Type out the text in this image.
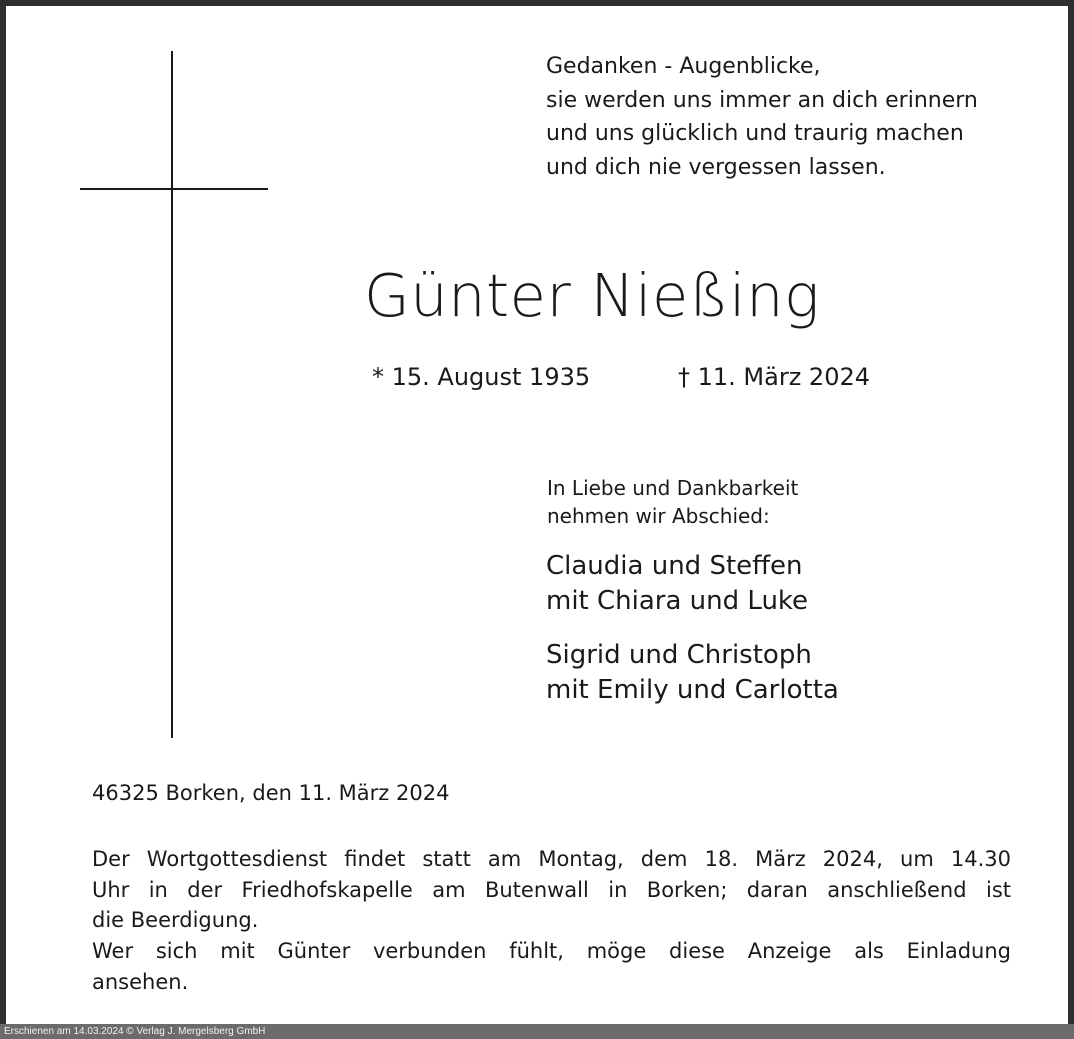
Gedanken - Augenblicke,
sie werden uns immer an dich erinnern
und uns glücklich und traurig machen
und dich nie vergessen lassen.
Günter Nießing
* 15. August 1935	† 11. März 2024
In Liebe und Dankbarkeit
nehmen wir Abschied:
Claudia und Steffen
mit Chiara und Luke
Sigrid und Christoph
mit Emily und Carlotta
46325 Borken, den 11. März 2024
Der Wortgottesdienst findet statt am Montag, dem 18. März 2024, um 14.30
Uhr in der Friedhofskapelle am Butenwall in Borken; daran anschließend ist
die Beerdigung.
Wer sich mit Günter verbunden fühlt, möge diese Anzeige als Einladung
ansehen.
Erschienen am 14.03.2024 © Verlag J. Mergelsberg GmbH
